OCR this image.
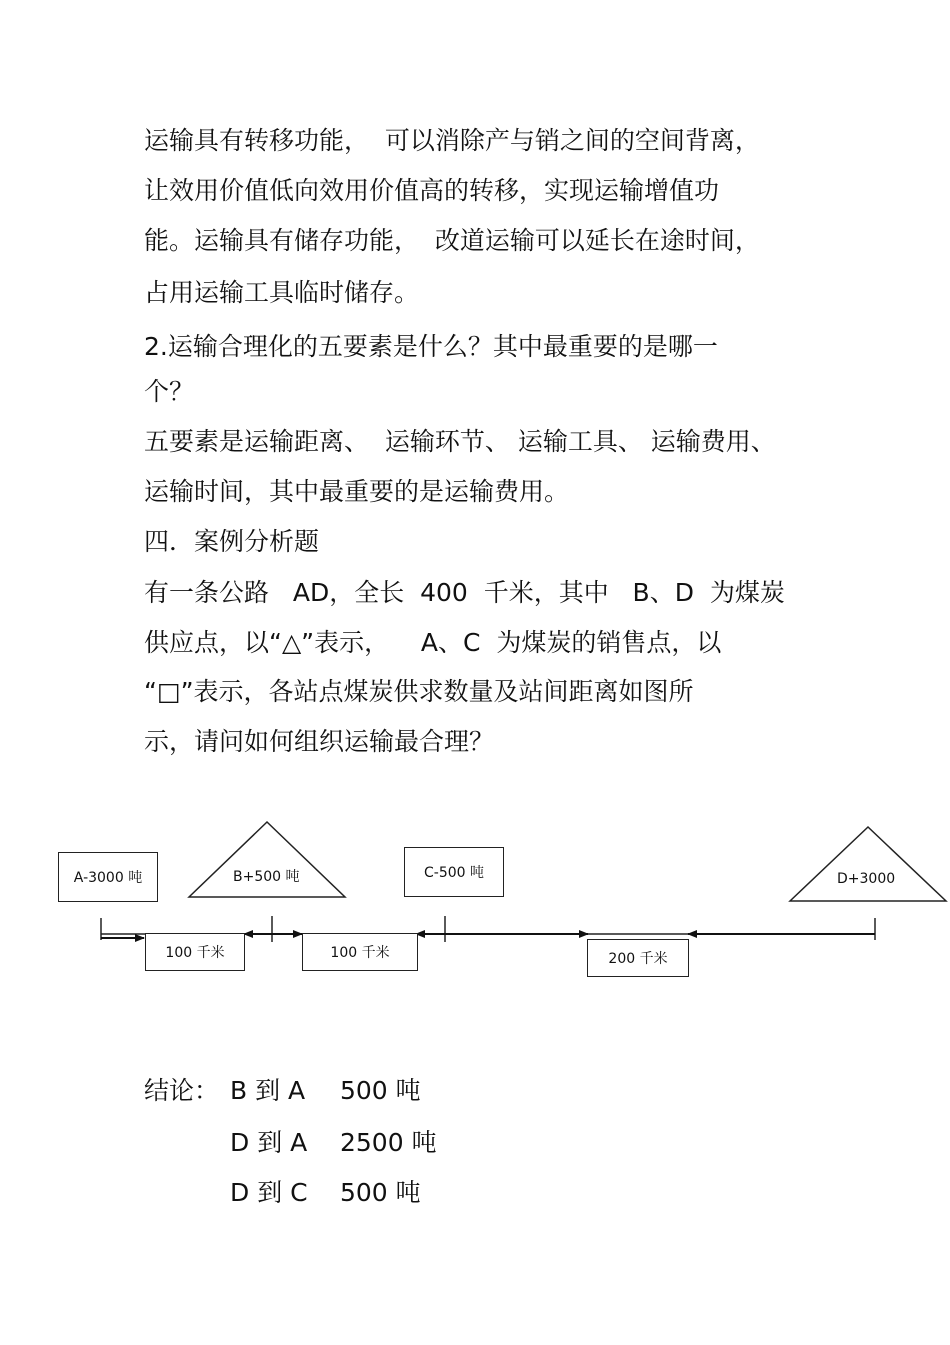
运输具有转移功能，  可以消除产与销之间的空间背离，
让效用价值低向效用价值高的转移，实现运输增值功
能。运输具有储存功能，  改道运输可以延长在途时间，
占用运输工具临时储存。
2.运输合理化的五要素是什么？其中最重要的是哪一
个？
五要素是运输距离、  运输环节、 运输工具、 运输费用、
运输时间，其中最重要的是运输费用。
四．案例分析题
有一条公路   AD，全长  400  千米，其中   B、D  为煤炭
供应点，以“△”表示，    A、C  为煤炭的销售点，以
“□”表示，各站点煤炭供求数量及站间距离如图所
示，请问如何组织运输最合理？
A-3000 吨	B+500 吨	C-500 吨	D+3000
100 千米	100 千米	200 千米
结论： B 到 A 500 吨
D 到 A 2500 吨
D 到 C 500 吨
